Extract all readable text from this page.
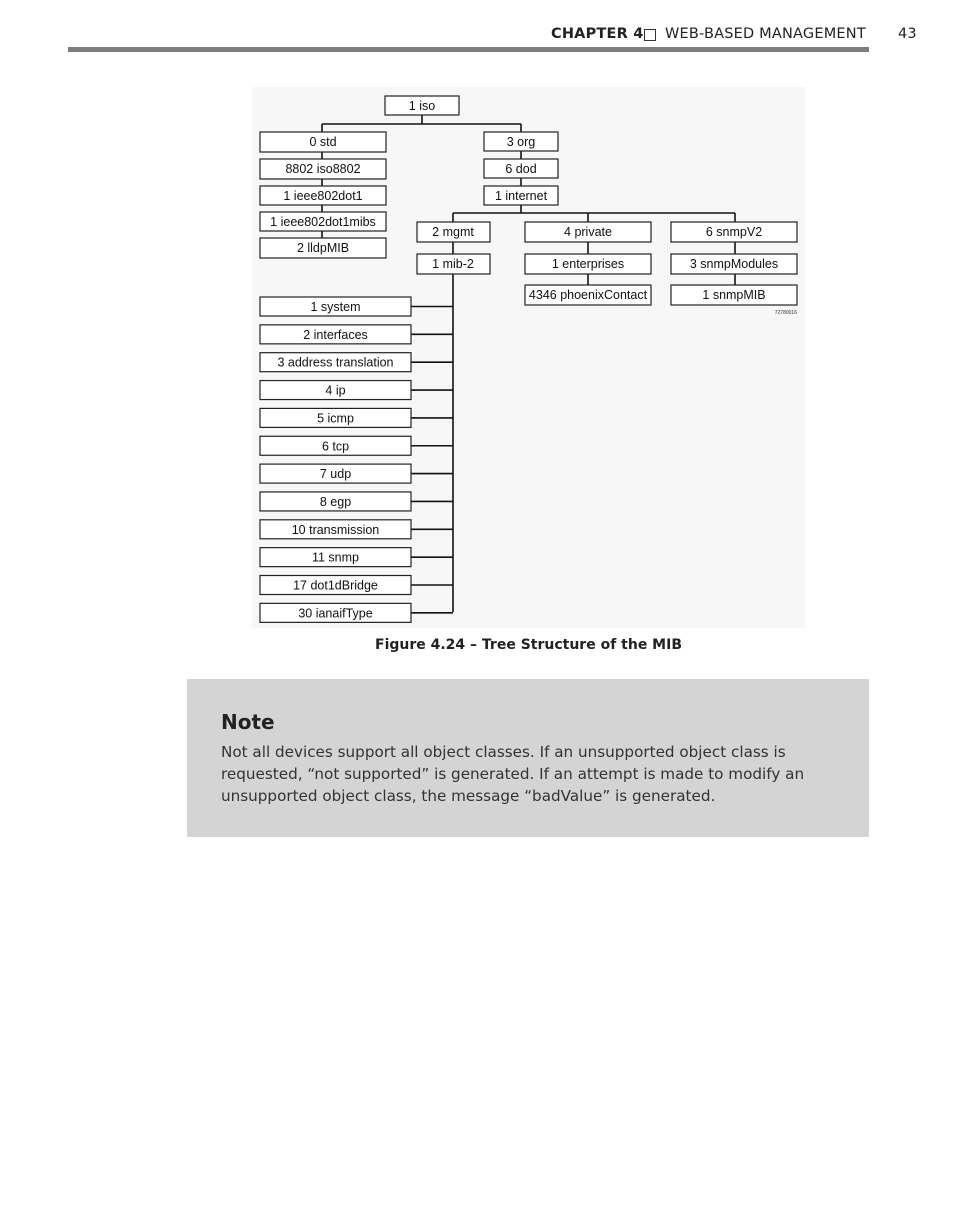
CHAPTER 4 WEB-BASED MANAGEMENT 43
1 iso
0 std
8802 iso8802
1 ieee802dot1
1 ieee802dot1mibs
2 lldpMIB
3 org
6 dod
1 internet
2 mgmt
1 mib-2
4 private
1 enterprises
4346 phoenixContact
6 snmpV2
3 snmpModules
1 snmpMIB
72780016
1 system
2 interfaces
3 address translation
4 ip
5 icmp
6 tcp
7 udp
8 egp
10 transmission
11 snmp
17 dot1dBridge
30 ianaifType
Figure 4.24 – Tree Structure of the MIB
Note
Not all devices support all object classes. If an unsupported object class is requested, “not supported” is generated. If an attempt is made to modify an unsupported object class, the message “badValue” is generated.
